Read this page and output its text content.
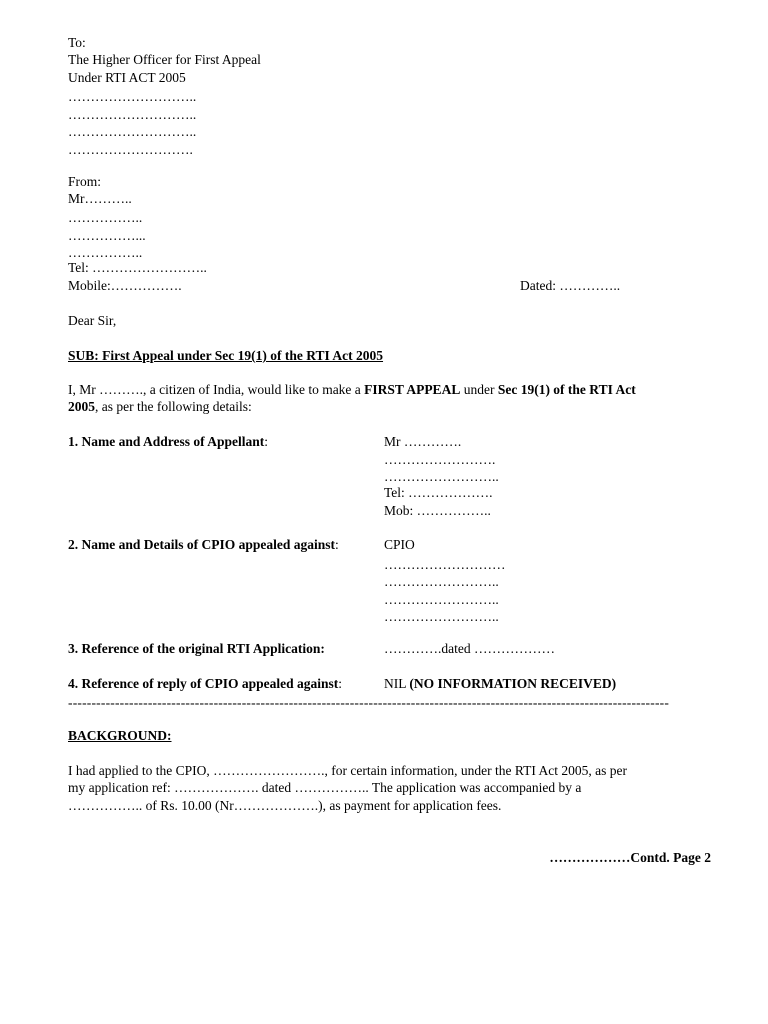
To:
The Higher Officer for First Appeal
Under RTI ACT 2005
………………………..
………………………..
………………………..
……………………….
From:
Mr………..
……………..
……………...
……………..
Tel: ……………………..
Mobile:…………….	Dated: …………..
Dear Sir,
SUB: First Appeal under Sec 19(1) of the RTI Act 2005
I, Mr ………., a citizen of India, would like to make a FIRST APPEAL under Sec 19(1) of the RTI Act
2005, as per the following details:
1. Name and Address of Appellant:	Mr ………….
…………………….
……………………..
Tel: ……………….
Mob: ……………..
2. Name and Details of CPIO appealed against:	CPIO
………………………
……………………..
……………………..
……………………..
3. Reference of the original RTI Application:	………….dated ………………
4. Reference of reply of CPIO appealed against:	NIL (NO INFORMATION RECEIVED)
--------------------------------------------------------------------------------------------------------------------------------
BACKGROUND:
I had applied to the CPIO, ……………………., for certain information, under the RTI Act 2005, as per
my application ref: ………………. dated …………….. The application was accompanied by a
…………….. of Rs. 10.00 (Nr……………….), as payment for application fees.
………………Contd. Page 2
